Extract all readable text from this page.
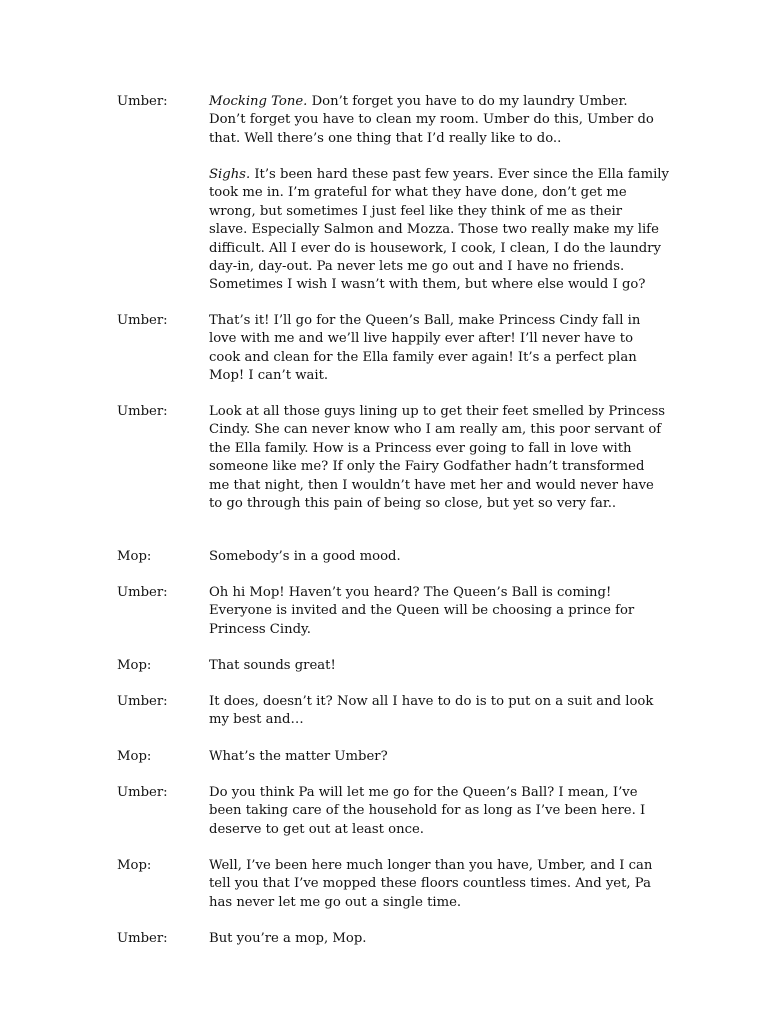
Umber:	Mocking Tone. Don’t forget you have to do my laundry Umber.
Don’t forget you have to clean my room. Umber do this, Umber do
that. Well there’s one thing that I’d really like to do..
Sighs. It’s been hard these past few years. Ever since the Ella family
took me in. I’m grateful for what they have done, don’t get me
wrong, but sometimes I just feel like they think of me as their
slave. Especially Salmon and Mozza. Those two really make my life
difficult. All I ever do is housework, I cook, I clean, I do the laundry
day-in, day-out. Pa never lets me go out and I have no friends.
Sometimes I wish I wasn’t with them, but where else would I go?
Umber:	That’s it! I’ll go for the Queen’s Ball, make Princess Cindy fall in
love with me and we’ll live happily ever after! I’ll never have to
cook and clean for the Ella family ever again! It’s a perfect plan
Mop! I can’t wait.
Umber:	Look at all those guys lining up to get their feet smelled by Princess
Cindy. She can never know who I am really am, this poor servant of
the Ella family. How is a Princess ever going to fall in love with
someone like me? If only the Fairy Godfather hadn’t transformed
me that night, then I wouldn’t have met her and would never have
to go through this pain of being so close, but yet so very far..
Mop:	Somebody’s in a good mood.
Umber:	Oh hi Mop! Haven’t you heard? The Queen’s Ball is coming!
Everyone is invited and the Queen will be choosing a prince for
Princess Cindy.
Mop:	That sounds great!
Umber:	It does, doesn’t it? Now all I have to do is to put on a suit and look
my best and…
Mop:	What’s the matter Umber?
Umber:	Do you think Pa will let me go for the Queen’s Ball? I mean, I’ve
been taking care of the household for as long as I’ve been here. I
deserve to get out at least once.
Mop:	Well, I’ve been here much longer than you have, Umber, and I can
tell you that I’ve mopped these floors countless times. And yet, Pa
has never let me go out a single time.
Umber:	But you’re a mop, Mop.
